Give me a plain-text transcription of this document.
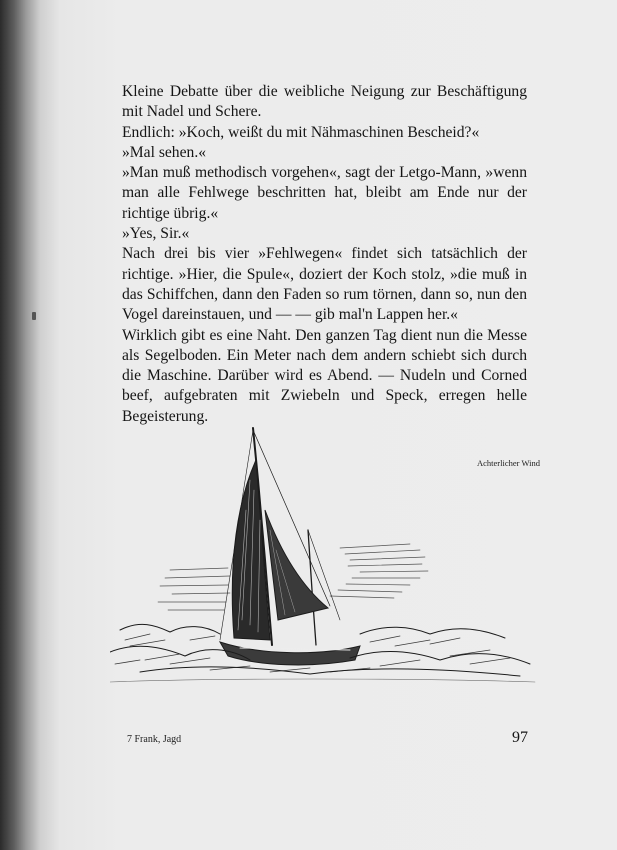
Kleine Debatte über die weibliche Neigung zur Beschäftigung mit Nadel und Schere.

Endlich: »Koch, weißt du mit Nähmaschinen Bescheid?«

»Mal sehen.«

»Man muß methodisch vorgehen«, sagt der Letgo-Mann, »wenn man alle Fehlwege beschritten hat, bleibt am Ende nur der richtige übrig.«

»Yes, Sir.«

Nach drei bis vier »Fehlwegen« findet sich tatsächlich der richtige. »Hier, die Spule«, doziert der Koch stolz, »die muß in das Schiffchen, dann den Faden so rum törnen, dann so, nun den Vogel dareinstauen, und — — gib mal'n Lappen her.«

Wirklich gibt es eine Naht. Den ganzen Tag dient nun die Messe als Segelboden. Ein Meter nach dem andern schiebt sich durch die Maschine. Darüber wird es Abend. — Nudeln und Corned beef, aufgebraten mit Zwiebeln und Speck, erregen helle Begeisterung.

Achterlicher Wind
7 Frank, Jagd	97
